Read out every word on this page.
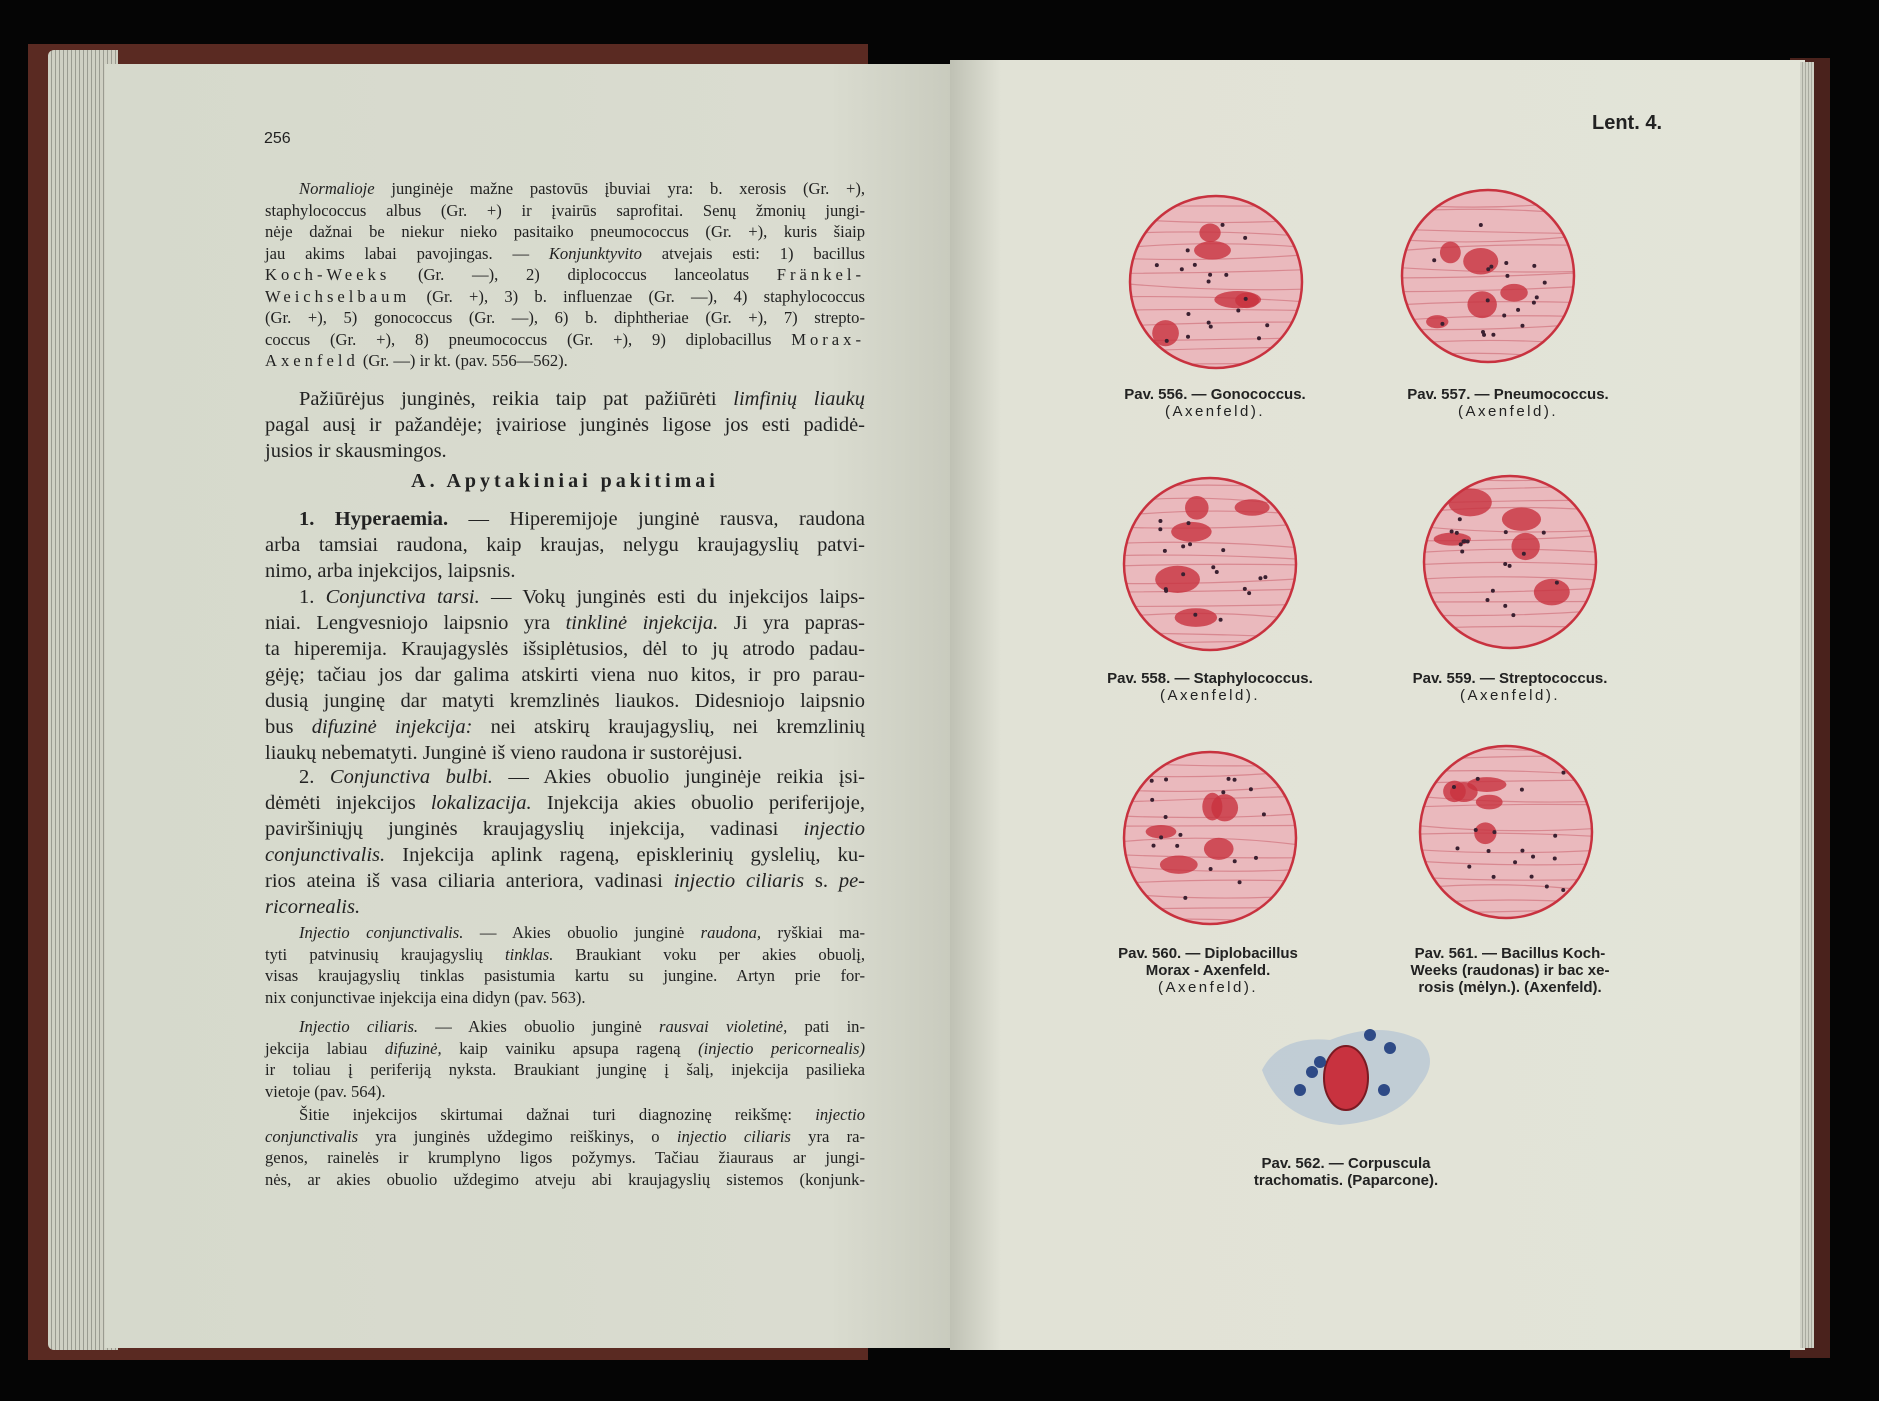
256
A. Apytakiniai pakitimai
Normalioje junginėje mažne pastovūs įbuviai yra: b. xerosis (Gr. +),
staphylococcus albus (Gr. +) ir įvairūs saprofitai. Senų žmonių jungi-
nėje dažnai be niekur nieko pasitaiko pneumococcus (Gr. +), kuris šiaip
jau akims labai pavojingas. — Konjunktyvito atvejais esti: 1) bacillus
Koch-Weeks (Gr. —), 2) diplococcus lanceolatus Fränkel-
Weichselbaum (Gr. +), 3) b. influenzae (Gr. —), 4) staphylococcus
(Gr. +), 5) gonococcus (Gr. —), 6) b. diphtheriae (Gr. +), 7) strepto-
coccus (Gr. +), 8) pneumococcus (Gr. +), 9) diplobacillus Morax-
Axenfeld (Gr. —) ir kt. (pav. 556—562).
Pažiūrėjus junginės, reikia taip pat pažiūrėti limfinių liaukų
pagal ausį ir pažandėje; įvairiose junginės ligose jos esti padidė-
jusios ir skausmingos.
1. Hyperaemia. — Hiperemijoje junginė rausva, raudona
arba tamsiai raudona, kaip kraujas, nelygu kraujagyslių patvi-
nimo, arba injekcijos, laipsnis.
1. Conjunctiva tarsi. — Vokų junginės esti du injekcijos laips-
niai. Lengvesniojo laipsnio yra tinklinė injekcija. Ji yra papras-
ta hiperemija. Kraujagyslės išsiplėtusios, dėl to jų atrodo padau-
gėję; tačiau jos dar galima atskirti viena nuo kitos, ir pro parau-
dusią junginę dar matyti kremzlinės liaukos. Didesniojo laipsnio
bus difuzinė injekcija: nei atskirų kraujagyslių, nei kremzlinių
liaukų nebematyti. Junginė iš vieno raudona ir sustorėjusi.
2. Conjunctiva bulbi. — Akies obuolio junginėje reikia įsi-
dėmėti injekcijos lokalizacija. Injekcija akies obuolio periferijoje,
paviršiniųjų junginės kraujagyslių injekcija, vadinasi injectio
conjunctivalis. Injekcija aplink rageną, episklerinių gyslelių, ku-
rios ateina iš vasa ciliaria anteriora, vadinasi injectio ciliaris s. pe-
ricornealis.
Injectio conjunctivalis. — Akies obuolio junginė raudona, ryškiai ma-
tyti patvinusių kraujagyslių tinklas. Braukiant voku per akies obuolį,
visas kraujagyslių tinklas pasistumia kartu su jungine. Artyn prie for-
nix conjunctivae injekcija eina didyn (pav. 563).
Injectio ciliaris. — Akies obuolio junginė rausvai violetinė, pati in-
jekcija labiau difuzinė, kaip vainiku apsupa rageną (injectio pericornealis)
ir toliau į periferiją nyksta. Braukiant junginę į šalį, injekcija pasilieka
vietoje (pav. 564).
Šitie injekcijos skirtumai dažnai turi diagnozinę reikšmę: injectio
conjunctivalis yra junginės uždegimo reiškinys, o injectio ciliaris yra ra-
genos, rainelės ir krumplyno ligos požymys. Tačiau žiauraus ar jungi-
nės, ar akies obuolio uždegimo atveju abi kraujagyslių sistemos (konjunk-
Lent. 4.
Pav. 556. — Gonococcus.
(Axenfeld).
Pav. 557. — Pneumococcus.
(Axenfeld).
Pav. 558. — Staphylococcus.
(Axenfeld).
Pav. 559. — Streptococcus.
(Axenfeld).
Pav. 560. — Diplobacillus
Morax - Axenfeld.
(Axenfeld).
Pav. 561. — Bacillus Koch-
Weeks (raudonas) ir bac xe-
rosis (mėlyn.). (Axenfeld).
Pav. 562. — Corpuscula
trachomatis. (Paparcone).
